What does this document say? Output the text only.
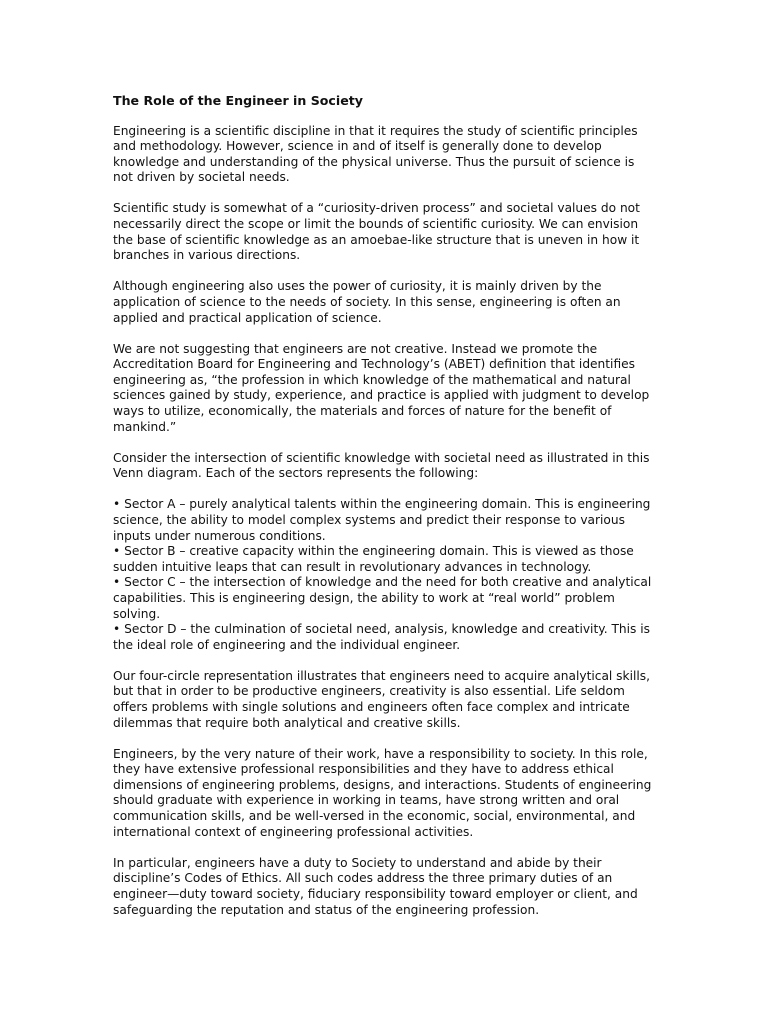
The Role of the Engineer in Society

Engineering is a scientific discipline in that it requires the study of scientific principles and methodology. However, science in and of itself is generally done to develop knowledge and understanding of the physical universe. Thus the pursuit of science is not driven by societal needs.

Scientific study is somewhat of a “curiosity-driven process” and societal values do not necessarily direct the scope or limit the bounds of scientific curiosity. We can envision the base of scientific knowledge as an amoebae-like structure that is uneven in how it branches in various directions.

Although engineering also uses the power of curiosity, it is mainly driven by the application of science to the needs of society. In this sense, engineering is often an applied and practical application of science.

We are not suggesting that engineers are not creative. Instead we promote the Accreditation Board for Engineering and Technology’s (ABET) definition that identifies engineering as, “the profession in which knowledge of the mathematical and natural sciences gained by study, experience, and practice is applied with judgment to develop ways to utilize, economically, the materials and forces of nature for the benefit of mankind.”

Consider the intersection of scientific knowledge with societal need as illustrated in this Venn diagram. Each of the sectors represents the following:

• Sector A – purely analytical talents within the engineering domain. This is engineering science, the ability to model complex systems and predict their response to various inputs under numerous conditions.
• Sector B – creative capacity within the engineering domain. This is viewed as those sudden intuitive leaps that can result in revolutionary advances in technology.
• Sector C – the intersection of knowledge and the need for both creative and analytical capabilities. This is engineering design, the ability to work at “real world” problem solving.
• Sector D – the culmination of societal need, analysis, knowledge and creativity. This is the ideal role of engineering and the individual engineer.

Our four-circle representation illustrates that engineers need to acquire analytical skills, but that in order to be productive engineers, creativity is also essential. Life seldom offers problems with single solutions and engineers often face complex and intricate dilemmas that require both analytical and creative skills.

Engineers, by the very nature of their work, have a responsibility to society. In this role, they have extensive professional responsibilities and they have to address ethical dimensions of engineering problems, designs, and interactions. Students of engineering should graduate with experience in working in teams, have strong written and oral communication skills, and be well-versed in the economic, social, environmental, and international context of engineering professional activities.

In particular, engineers have a duty to Society to understand and abide by their discipline’s Codes of Ethics. All such codes address the three primary duties of an engineer—duty toward society, fiduciary responsibility toward employer or client, and safeguarding the reputation and status of the engineering profession.
